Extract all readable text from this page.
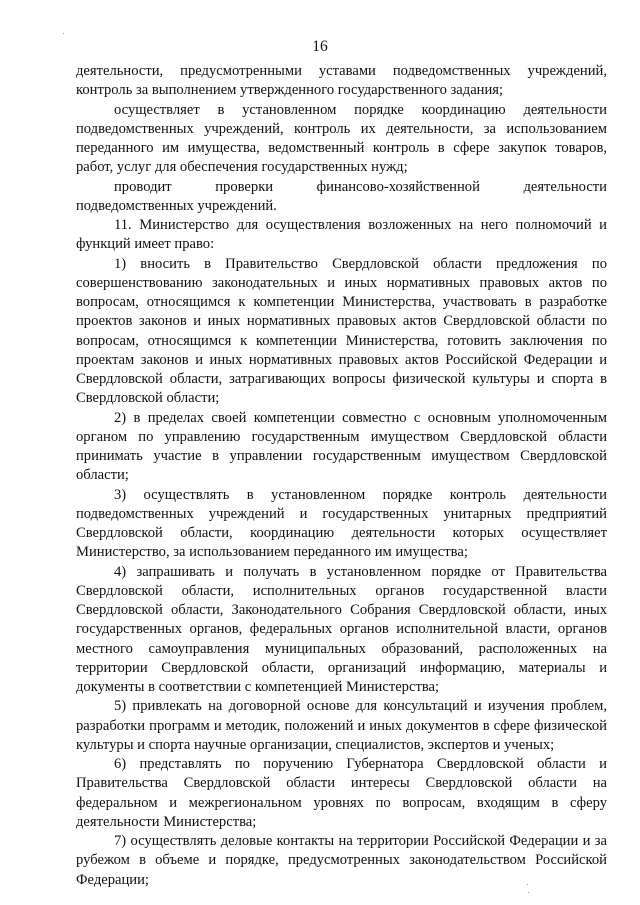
16

деятельности, предусмотренными уставами подведомственных учреждений, контроль за выполнением утвержденного государственного задания;

осуществляет в установленном порядке координацию деятельности подведомственных учреждений, контроль их деятельности, за использованием переданного им имущества, ведомственный контроль в сфере закупок товаров, работ, услуг для обеспечения государственных нужд;

проводит проверки финансово-хозяйственной деятельности подведомственных учреждений.

11. Министерство для осуществления возложенных на него полномочий и функций имеет право:

1) вносить в Правительство Свердловской области предложения по совершенствованию законодательных и иных нормативных правовых актов по вопросам, относящимся к компетенции Министерства, участвовать в разработке проектов законов и иных нормативных правовых актов Свердловской области по вопросам, относящимся к компетенции Министерства, готовить заключения по проектам законов и иных нормативных правовых актов Российской Федерации и Свердловской области, затрагивающих вопросы физической культуры и спорта в Свердловской области;

2) в пределах своей компетенции совместно с основным уполномоченным органом по управлению государственным имуществом Свердловской области принимать участие в управлении государственным имуществом Свердловской области;

3) осуществлять в установленном порядке контроль деятельности подведомственных учреждений и государственных унитарных предприятий Свердловской области, координацию деятельности которых осуществляет Министерство, за использованием переданного им имущества;

4) запрашивать и получать в установленном порядке от Правительства Свердловской области, исполнительных органов государственной власти Свердловской области, Законодательного Собрания Свердловской области, иных государственных органов, федеральных органов исполнительной власти, органов местного самоуправления муниципальных образований, расположенных на территории Свердловской области, организаций информацию, материалы и документы в соответствии с компетенцией Министерства;

5) привлекать на договорной основе для консультаций и изучения проблем, разработки программ и методик, положений и иных документов в сфере физической культуры и спорта научные организации, специалистов, экспертов и ученых;

6) представлять по поручению Губернатора Свердловской области и Правительства Свердловской области интересы Свердловской области на федеральном и межрегиональном уровнях по вопросам, входящим в сферу деятельности Министерства;

7) осуществлять деловые контакты на территории Российской Федерации и за рубежом в объеме и порядке, предусмотренных законодательством Российской Федерации;
